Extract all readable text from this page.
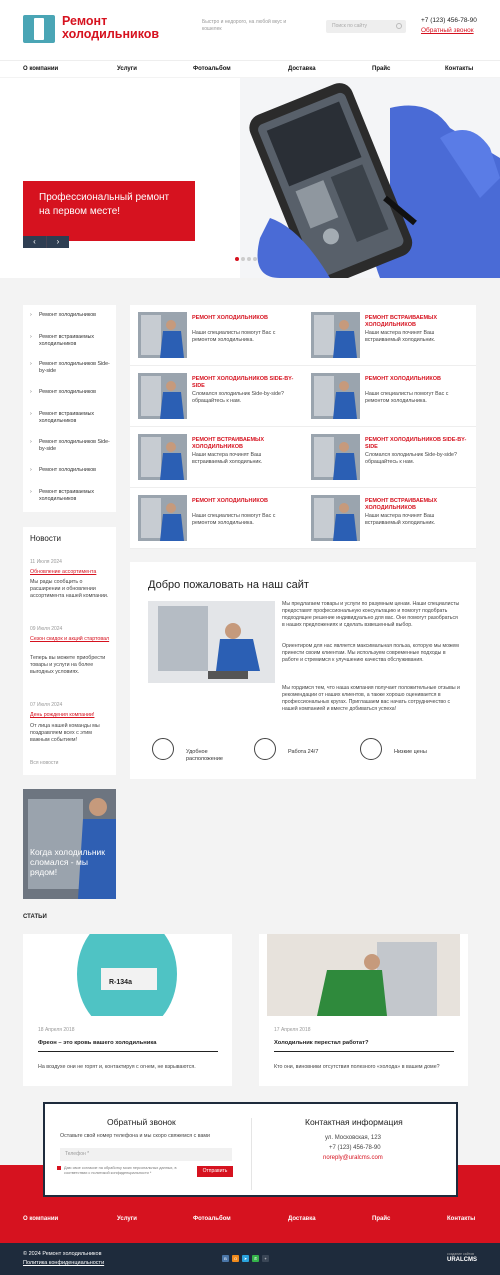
Ремонт холодильников
Быстро и недорого, на любой вкус и кошелек	Поиск по сайту
+7 (123) 456-78-90
Обратный звонок
О компании	Услуги	Фотоальбом	Доставка	Прайс	Контакты
Профессиональный ремонт на первом месте!
‹	›
› Ремонт холодильников
› Ремонт встраиваемых холодильников
› Ремонт холодильников Side-by-side
› Ремонт холодильников
› Ремонт встраиваемых холодильников
› Ремонт холодильников Side-by-side
› Ремонт холодильников
› Ремонт встраиваемых холодильников
Новости
11 Июля 2024
Обновление ассортимента
Мы рады сообщить о расширении и обновлении ассортимента нашей компании.
09 Июля 2024
Сезон скидок и акций стартовал
Теперь вы можете приобрести товары и услуги на более выгодных условиях.
07 Июля 2024
День рождения компании!
От лица нашей команды мы поздравляем всех с этим важным событием!
Вся новости
Когда холодильник сломался - мы рядом!
РЕМОНТ ХОЛОДИЛЬНИКОВ
Наши специалисты помогут Вас с ремонтом холодильника.
РЕМОНТ ВСТРАИВАЕМЫХ ХОЛОДИЛЬНИКОВ
Наши мастера починят Ваш встраиваемый холодильник.
РЕМОНТ ХОЛОДИЛЬНИКОВ SIDE-BY-SIDE
Сломался холодильник Side-by-side? обращайтесь к нам.
РЕМОНТ ХОЛОДИЛЬНИКОВ
Наши специалисты помогут Вас с ремонтом холодильника.
РЕМОНТ ВСТРАИВАЕМЫХ ХОЛОДИЛЬНИКОВ
Наши мастера починят Ваш встраиваемый холодильник.
РЕМОНТ ХОЛОДИЛЬНИКОВ SIDE-BY-SIDE
Сломался холодильник Side-by-side? обращайтесь к нам.
РЕМОНТ ХОЛОДИЛЬНИКОВ
Наши специалисты помогут Вас с ремонтом холодильника.
РЕМОНТ ВСТРАИВАЕМЫХ ХОЛОДИЛЬНИКОВ
Наши мастера починят Ваш встраиваемый холодильник.
Добро пожаловать на наш сайт
Мы предлагаем товары и услуги по разумным ценам. Наши специалисты предоставят профессиональную консультацию и помогут подобрать подходящее решение индивидуально для вас. Они помогут разобраться в наших предложениях и сделать взвешенный выбор.
Ориентиром для нас является максимальная польза, которую мы можем принести своим клиентам. Мы используем современные подходы в работе и стремимся к улучшению качества обслуживания.
Мы гордимся тем, что наша компания получает положительные отзывы и рекомендации от наших клиентов, а также хорошо оценивается в профессиональных кругах. Приглашаем вас начать сотрудничество с нашей компанией и вместе добиваться успеха!
Удобное расположение
Работа 24/7	Низкие цены
СТАТЬИ
R-134a
18 Апреля 2018
Фреон – это кровь вашего холодильника
На воздухе они не горят и, контактируя с огнем, не взрываются.
17 Апреля 2018
Холодильник перестал работат?
Кто они, виновники отсутствия полезного «холода» в вашем доме?
Обратный звонок
Оставьте свой номер телефона и мы скоро свяжемся с вами
Телефон *
Даю свое согласие на обработку моих персональных данных, в соответствии с политикой конфиденциальности *	Отправить
Контактная информация
ул. Московская, 123
+7 (123) 456-78-90
noreply@uralcms.com
О компании	Услуги	Фотоальбом	Доставка	Прайс	Контакты
© 2024 Ремонт холодильников
Политика конфиденциальности
В	О	➤	✆	+
создание сайтов
URALCMS
